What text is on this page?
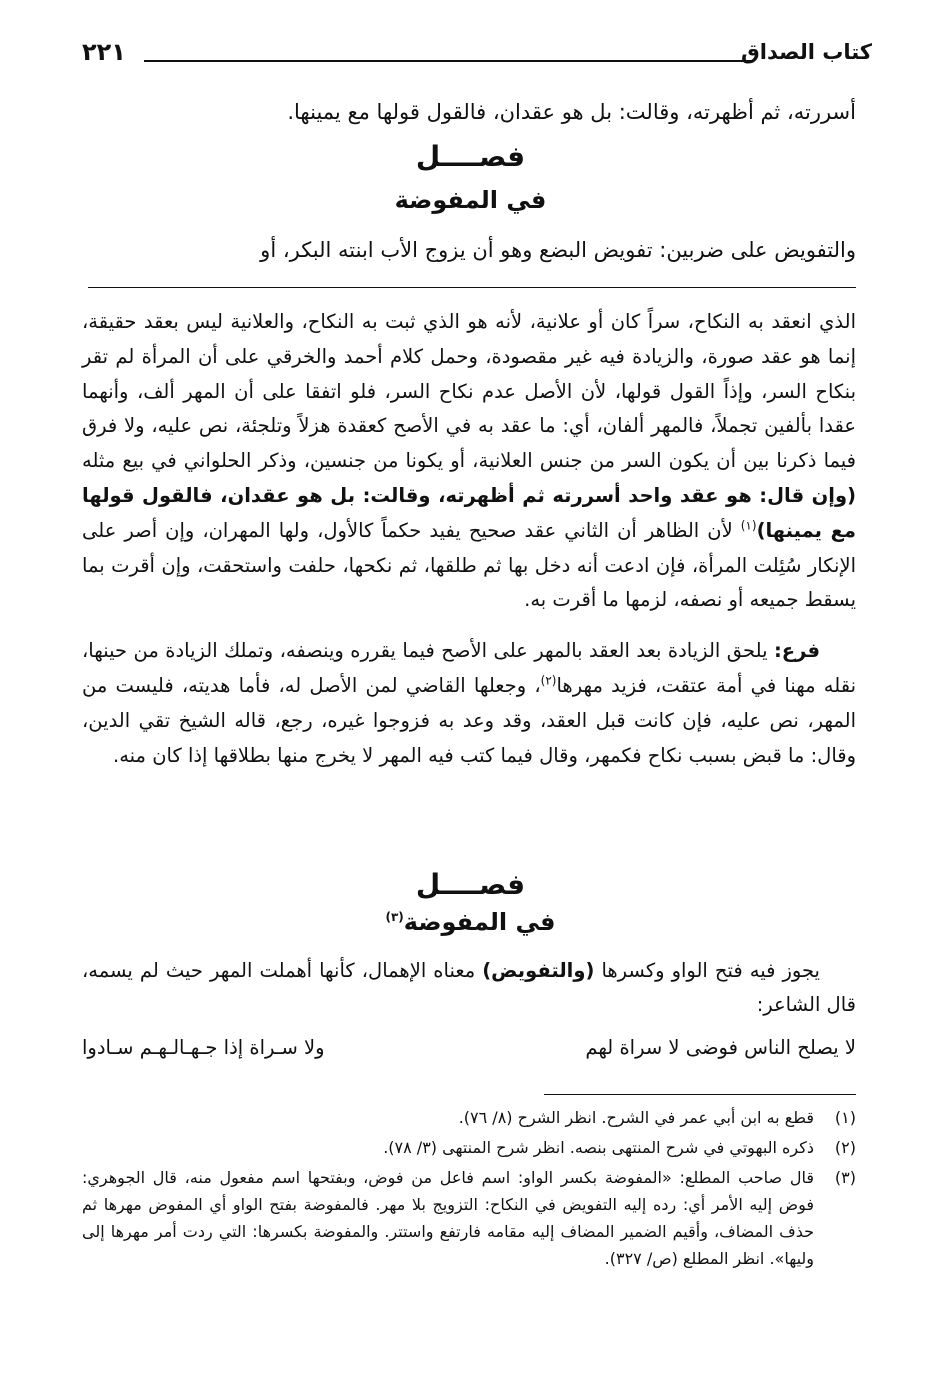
٢٢١	كتاب الصداق
أسررته، ثم أظهرته، وقالت: بل هو عقدان، فالقول قولها مع يمينها.
فصــــل
في المفوضة
والتفويض على ضربين: تفويض البضع وهو أن يزوج الأب ابنته البكر، أو

الذي انعقد به النكاح، سراً كان أو علانية، لأنه هو الذي ثبت به النكاح، والعلانية ليس بعقد حقيقة، إنما هو عقد صورة، والزيادة فيه غير مقصودة، وحمل كلام أحمد والخرقي على أن المرأة لم تقر بنكاح السر، وإذاً القول قولها، لأن الأصل عدم نكاح السر، فلو اتفقا على أن المهر ألف، وأنهما عقدا بألفين تجملاً، فالمهر ألفان، أي: ما عقد به في الأصح كعقدة هزلاً وتلجئة، نص عليه، ولا فرق فيما ذكرنا بين أن يكون السر من جنس العلانية، أو يكونا من جنسين، وذكر الحلواني في بيع مثله (وإن قال: هو عقد واحد أسررته ثم أظهرته، وقالت: بل هو عقدان، فالقول قولها مع يمينها)$^{(١)}$ لأن الظاهر أن الثاني عقد صحيح يفيد حكماً كالأول، ولها المهران، وإن أصر على الإنكار سُئِلت المرأة، فإن ادعت أنه دخل بها ثم طلقها، ثم نكحها، حلفت واستحقت، وإن أقرت بما يسقط جميعه أو نصفه، لزمها ما أقرت به.

فرع: يلحق الزيادة بعد العقد بالمهر على الأصح فيما يقرره وينصفه، وتملك الزيادة من حينها، نقله مهنا في أمة عتقت، فزيد مهرها$^{(٢)}$، وجعلها القاضي لمن الأصل له، فأما هديته، فليست من المهر، نص عليه، فإن كانت قبل العقد، وقد وعد به فزوجوا غيره، رجع، قاله الشيخ تقي الدين، وقال: ما قبض بسبب نكاح فكمهر، وقال فيما كتب فيه المهر لا يخرج منها بطلاقها إذا كان منه.

فصــــل
في المفوضة$^{(٣)}$
يجوز فيه فتح الواو وكسرها (والتفويض) معناه الإهمال، كأنها أهملت المهر حيث لم يسمه، قال الشاعر:
لا يصلح الناس فوضى لا سراة لهم
ولا سـراة إذا جـهـالـهـم سـادوا
(١)
قطع به ابن أبي عمر في الشرح. انظر الشرح (٨/ ٧٦).
(٢)
ذكره البهوتي في شرح المنتهى بنصه. انظر شرح المنتهى (٣/ ٧٨).
(٣)
قال صاحب المطلع: «المفوضة بكسر الواو: اسم فاعل من فوض، وبفتحها اسم مفعول منه، قال الجوهري: فوض إليه الأمر أي: رده إليه التفويض في النكاح: التزويج بلا مهر. فالمفوضة بفتح الواو أي المفوض مهرها ثم حذف المضاف، وأقيم الضمير المضاف إليه مقامه فارتفع واستتر. والمفوضة بكسرها: التي ردت أمر مهرها إلى وليها». انظر المطلع (ص/ ٣٢٧).
